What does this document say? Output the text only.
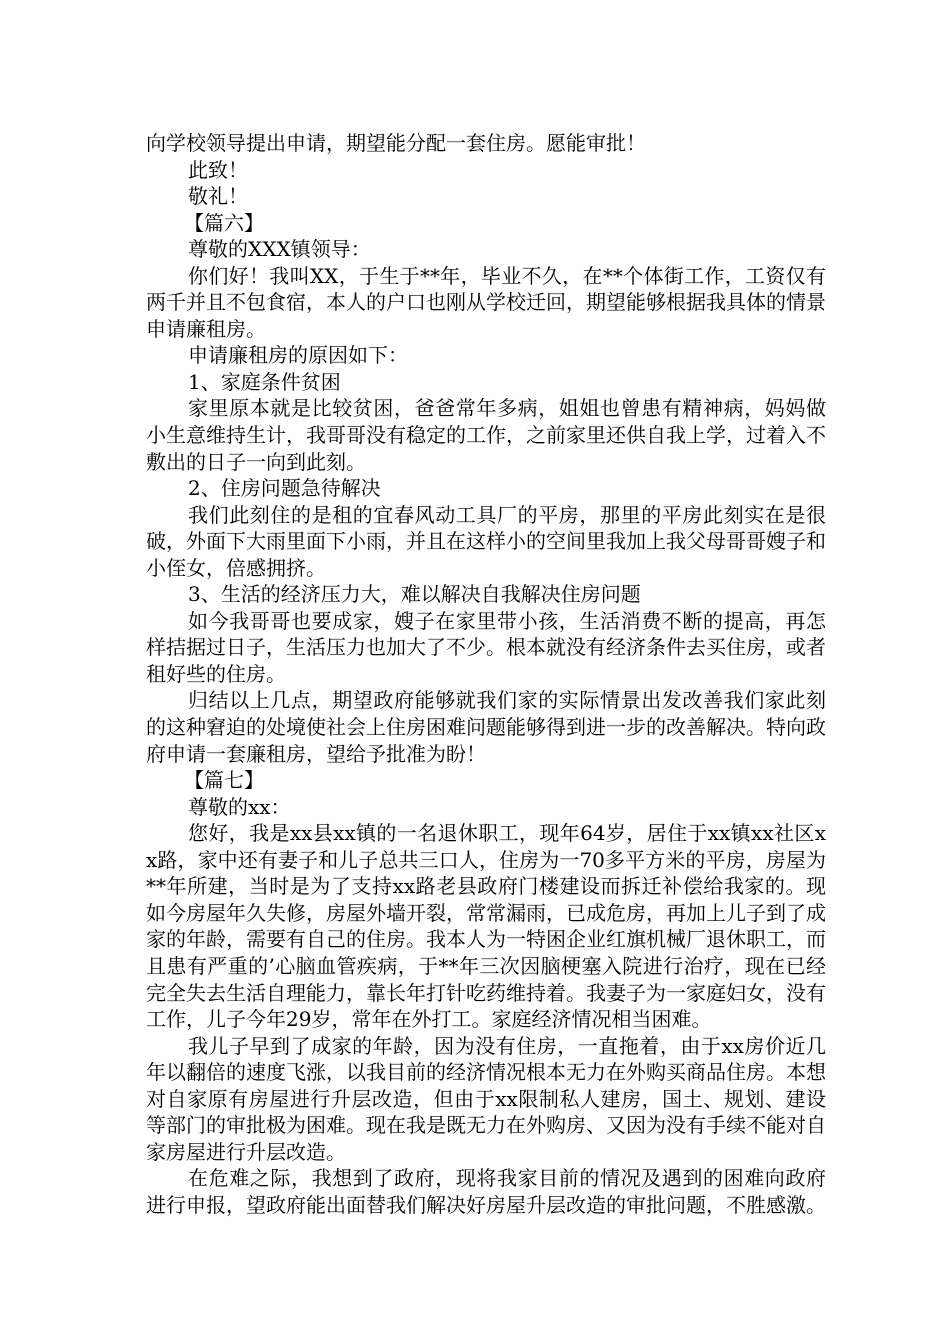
向学校领导提出申请，期望能分配一套住房。愿能审批！

此致！

敬礼！

【篇六】

尊敬的XXX镇领导：

你们好！我叫XX，于生于**年，毕业不久，在**个体街工作，工资仅有两千并且不包食宿，本人的户口也刚从学校迁回，期望能够根据我具体的情景申请廉租房。

申请廉租房的原因如下：

1、家庭条件贫困

家里原本就是比较贫困，爸爸常年多病，姐姐也曾患有精神病，妈妈做小生意维持生计，我哥哥没有稳定的工作，之前家里还供自我上学，过着入不敷出的日子一向到此刻。

2、住房问题急待解决

我们此刻住的是租的宜春风动工具厂的平房，那里的平房此刻实在是很破，外面下大雨里面下小雨，并且在这样小的空间里我加上我父母哥哥嫂子和小侄女，倍感拥挤。

3、生活的经济压力大，难以解决自我解决住房问题

如今我哥哥也要成家，嫂子在家里带小孩，生活消费不断的提高，再怎样拮据过日子，生活压力也加大了不少。根本就没有经济条件去买住房，或者租好些的住房。

归结以上几点，期望政府能够就我们家的实际情景出发改善我们家此刻的这种窘迫的处境使社会上住房困难问题能够得到进一步的改善解决。特向政府申请一套廉租房，望给予批准为盼！

【篇七】

尊敬的xx：

您好，我是xx县xx镇的一名退休职工，现年64岁，居住于xx镇xx社区xx路，家中还有妻子和儿子总共三口人，住房为一70多平方米的平房，房屋为**年所建，当时是为了支持xx路老县政府门楼建设而拆迁补偿给我家的。现如今房屋年久失修，房屋外墙开裂，常常漏雨，已成危房，再加上儿子到了成家的年龄，需要有自己的住房。我本人为一特困企业红旗机械厂退休职工，而且患有严重的’心脑血管疾病，于**年三次因脑梗塞入院进行治疗，现在已经完全失去生活自理能力，靠长年打针吃药维持着。我妻子为一家庭妇女，没有工作，儿子今年29岁，常年在外打工。家庭经济情况相当困难。

我儿子早到了成家的年龄，因为没有住房，一直拖着，由于xx房价近几年以翻倍的速度飞涨，以我目前的经济情况根本无力在外购买商品住房。本想对自家原有房屋进行升层改造，但由于xx限制私人建房，国土、规划、建设等部门的审批极为困难。现在我是既无力在外购房、又因为没有手续不能对自家房屋进行升层改造。

在危难之际，我想到了政府，现将我家目前的情况及遇到的困难向政府进行申报，望政府能出面替我们解决好房屋升层改造的审批问题，不胜感激。
